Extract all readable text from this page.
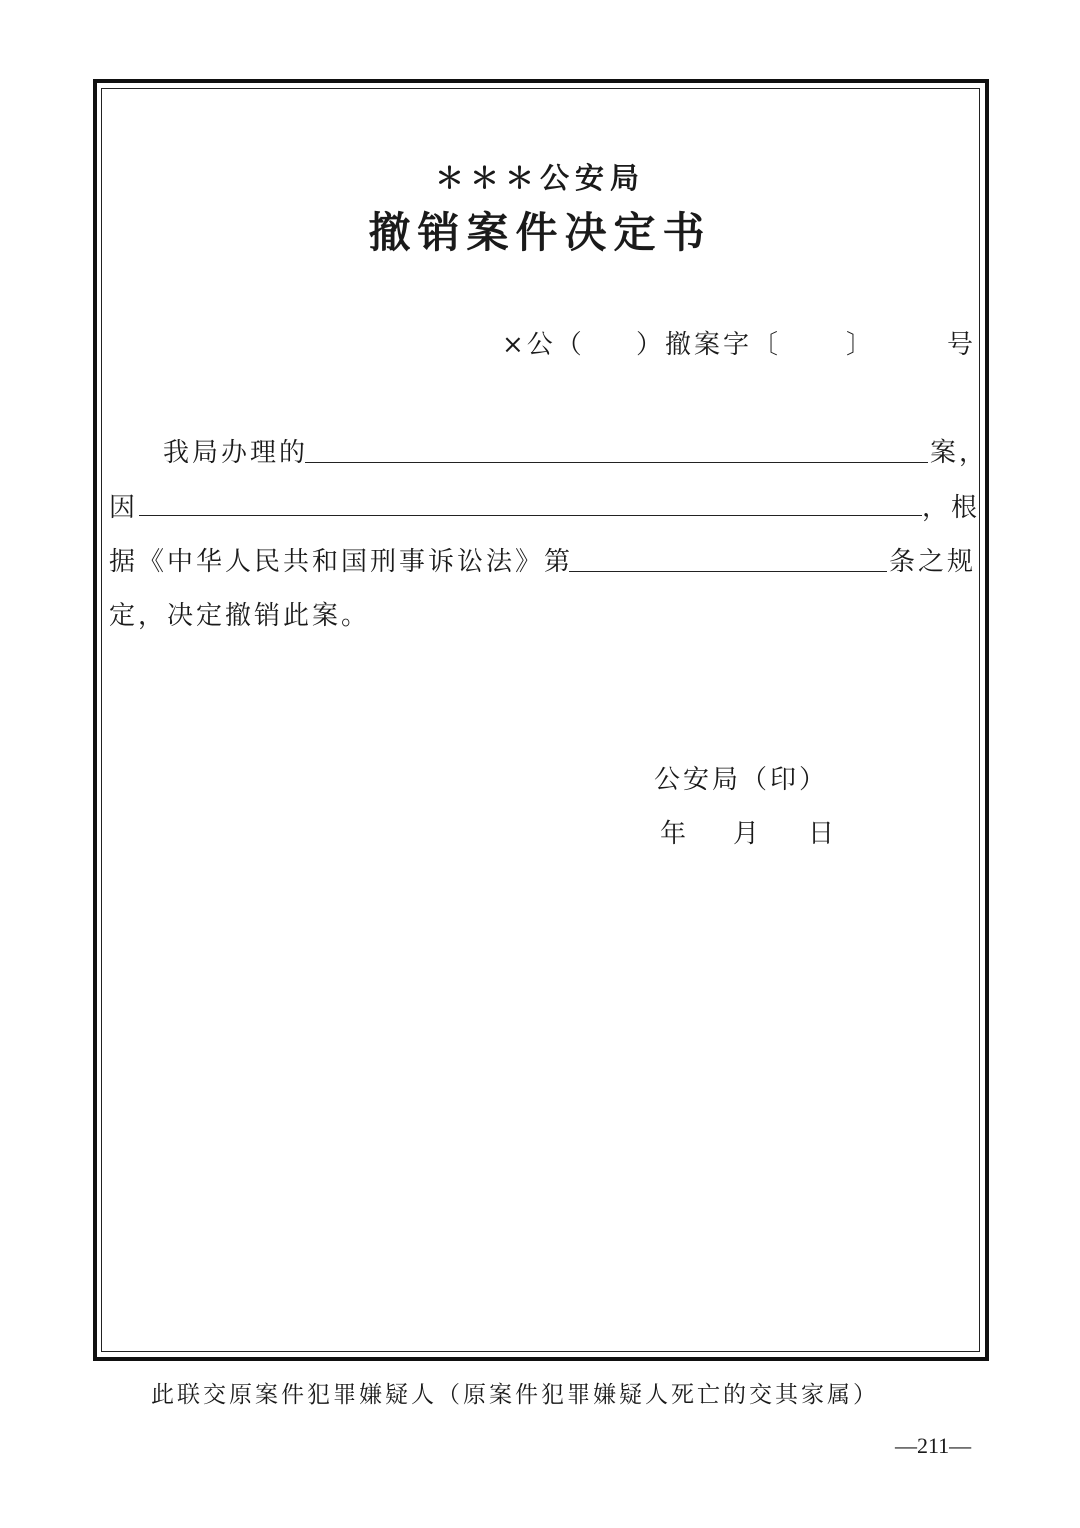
＊＊＊公安局
撤销案件决定书
×公（ ）撤案字〔 〕	号
我局办理的	案，
因	，根
据《中华人民共和国刑事诉讼法》第	条之规
定，决定撤销此案。
公安局（印）
年 月 日
此联交原案件犯罪嫌疑人（原案件犯罪嫌疑人死亡的交其家属）
—211—
